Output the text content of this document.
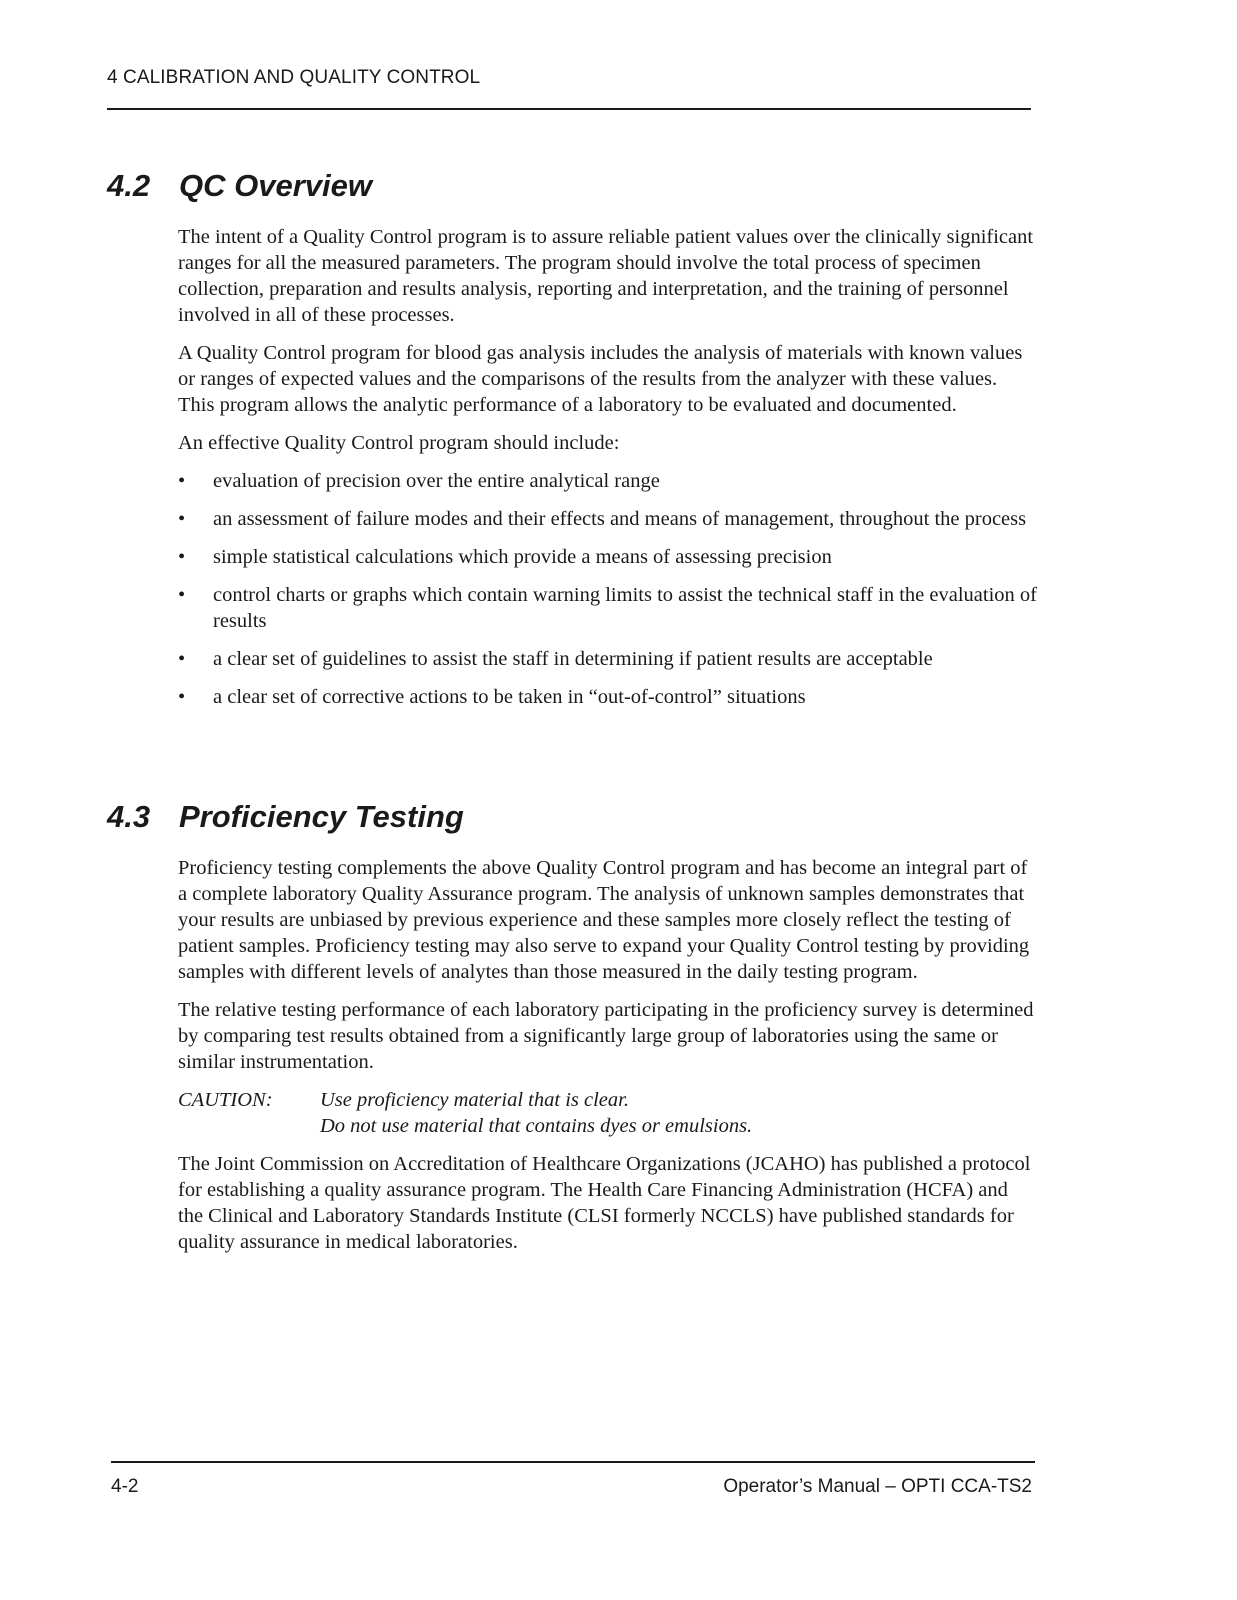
4 CALIBRATION AND QUALITY CONTROL
4.2 QC Overview

The intent of a Quality Control program is to assure reliable patient values over the clinically significant ranges for all the measured parameters. The program should involve the total process of specimen collection, preparation and results analysis, reporting and interpretation, and the training of personnel involved in all of these processes.

A Quality Control program for blood gas analysis includes the analysis of materials with known values or ranges of expected values and the comparisons of the results from the analyzer with these values. This program allows the analytic performance of a laboratory to be evaluated and documented.

An effective Quality Control program should include:

• evaluation of precision over the entire analytical range
• an assessment of failure modes and their effects and means of management, throughout the process
• simple statistical calculations which provide a means of assessing precision
• control charts or graphs which contain warning limits to assist the technical staff in the evaluation of results
• a clear set of guidelines to assist the staff in determining if patient results are acceptable
• a clear set of corrective actions to be taken in “out-of-control” situations
4.3 Proficiency Testing

Proficiency testing complements the above Quality Control program and has become an integral part of a complete laboratory Quality Assurance program. The analysis of unknown samples demonstrates that your results are unbiased by previous experience and these samples more closely reflect the testing of patient samples. Proficiency testing may also serve to expand your Quality Control testing by providing samples with different levels of analytes than those measured in the daily testing program.

The relative testing performance of each laboratory participating in the proficiency survey is determined by comparing test results obtained from a significantly large group of laboratories using the same or similar instrumentation.

CAUTION:	Use proficiency material that is clear.
Do not use material that contains dyes or emulsions.

The Joint Commission on Accreditation of Healthcare Organizations (JCAHO) has published a protocol for establishing a quality assurance program. The Health Care Financing Administration (HCFA) and the Clinical and Laboratory Standards Institute (CLSI formerly NCCLS) have published standards for quality assurance in medical laboratories.

4-2	Operator’s Manual – OPTI CCA-TS2
